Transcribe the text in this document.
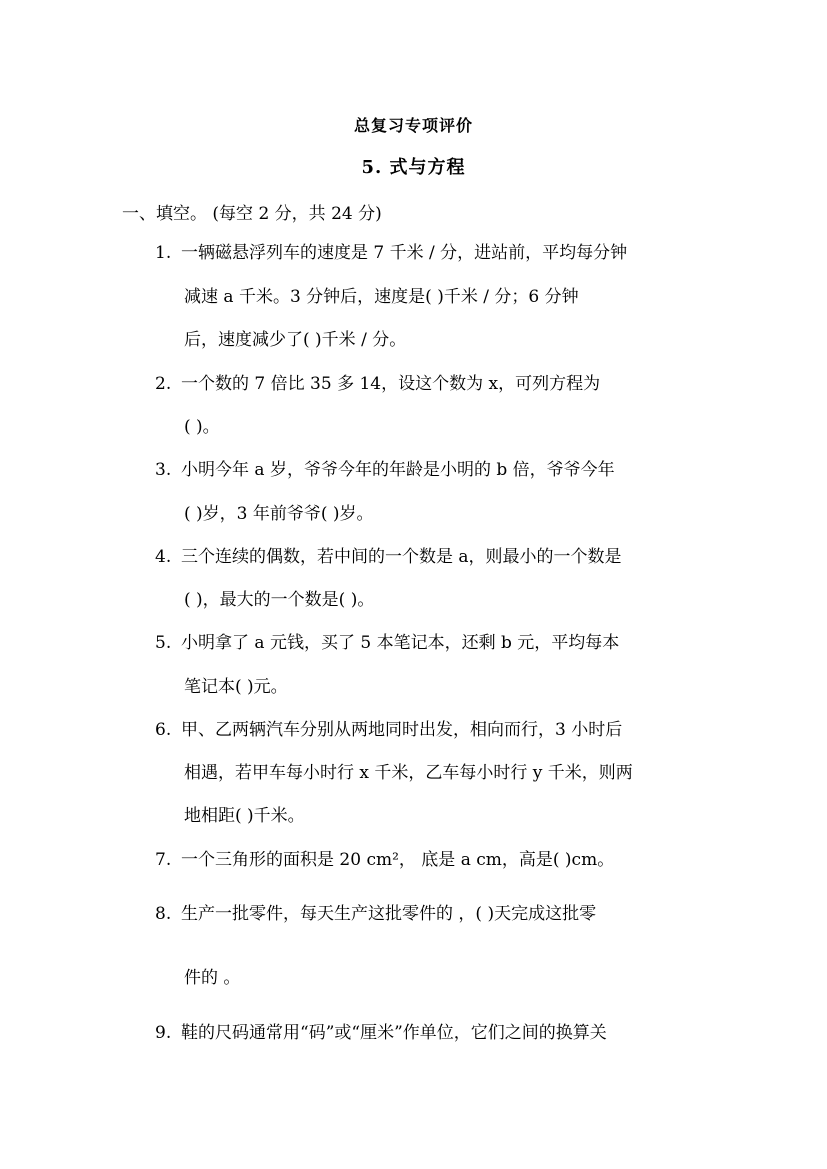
总复习专项评价
5. 式与方程
一、填空。 (每空 2 分，共 24 分)
1. 一辆磁悬浮列车的速度是 7 千米 / 分，进站前，平均每分钟
减速 a 千米。3 分钟后，速度是( )千米 / 分；6 分钟
后，速度减少了( )千米 / 分。
2. 一个数的 7 倍比 35 多 14，设这个数为 x，可列方程为
( )。
3. 小明今年 a 岁，爷爷今年的年龄是小明的 b 倍，爷爷今年
( )岁，3 年前爷爷( )岁。
4. 三个连续的偶数，若中间的一个数是 a，则最小的一个数是
( )，最大的一个数是( )。
5. 小明拿了 a 元钱，买了 5 本笔记本，还剩 b 元，平均每本
笔记本( )元。
6. 甲、乙两辆汽车分别从两地同时出发，相向而行，3 小时后
相遇，若甲车每小时行 x 千米，乙车每小时行 y 千米，则两
地相距( )千米。
7. 一个三角形的面积是 20 cm²， 底是 a cm，高是( )cm。
8. 生产一批零件，每天生产这批零件的 ，( )天完成这批零
件的 。
9. 鞋的尺码通常用“码”或“厘米”作单位，它们之间的换算关
